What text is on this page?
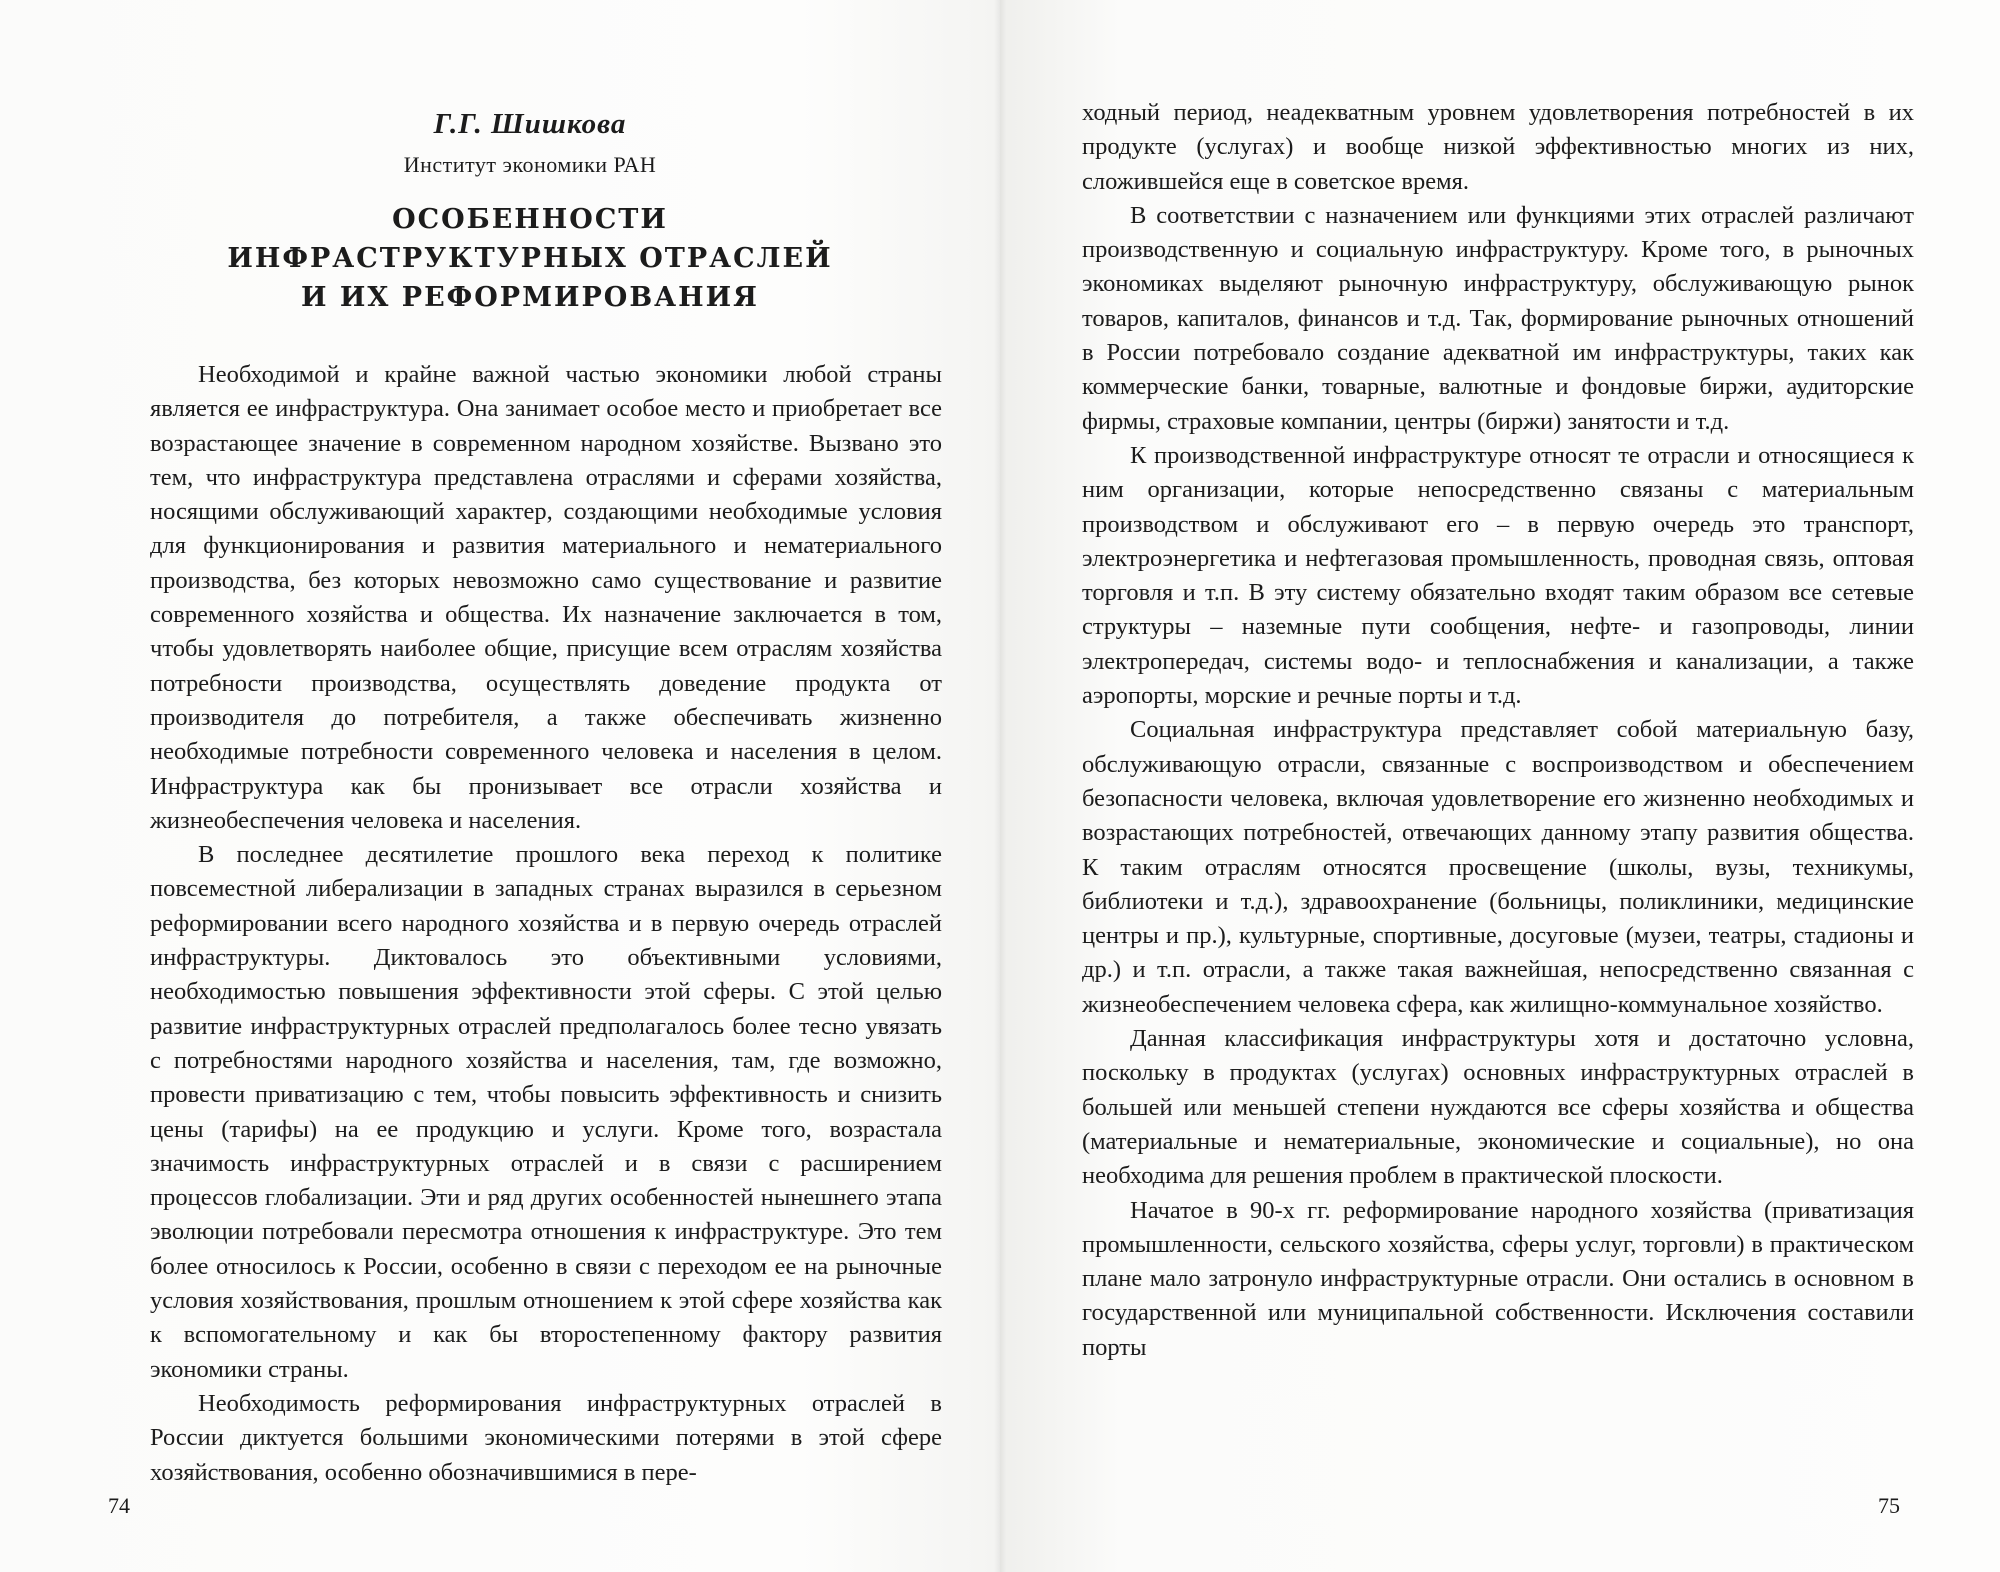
Г.Г. Шишкова
Институт экономики РАН
ОСОБЕННОСТИ
ИНФРАСТРУКТУРНЫХ ОТРАСЛЕЙ
И ИХ РЕФОРМИРОВАНИЯ

Необходимой и крайне важной частью экономики любой страны является ее инфраструктура. Она занимает особое место и приобретает все возрастающее значение в современном народном хозяйстве. Вызвано это тем, что инфраструктура представлена отраслями и сферами хозяйства, носящими обслуживающий характер, создающими необходимые условия для функционирования и развития материального и нематериального производства, без которых невозможно само существование и развитие современного хозяйства и общества. Их назначение заключается в том, чтобы удовлетворять наиболее общие, присущие всем отраслям хозяйства потребности производства, осуществлять доведение продукта от производителя до потребителя, а также обеспечивать жизненно необходимые потребности современного человека и населения в целом. Инфраструктура как бы пронизывает все отрасли хозяйства и жизнеобеспечения человека и населения.

В последнее десятилетие прошлого века переход к политике повсеместной либерализации в западных странах выразился в серьезном реформировании всего народного хозяйства и в первую очередь отраслей инфраструктуры. Диктовалось это объективными условиями, необходимостью повышения эффективности этой сферы. С этой целью развитие инфраструктурных отраслей предполагалось более тесно увязать с потребностями народного хозяйства и населения, там, где возможно, провести приватизацию с тем, чтобы повысить эффективность и снизить цены (тарифы) на ее продукцию и услуги. Кроме того, возрастала значимость инфраструктурных отраслей и в связи с расширением процессов глобализации. Эти и ряд других особенностей нынешнего этапа эволюции потребовали пересмотра отношения к инфраструктуре. Это тем более относилось к России, особенно в связи с переходом ее на рыночные условия хозяйствования, прошлым отношением к этой сфере хозяйства как к вспомогательному и как бы второстепенному фактору развития экономики страны.

Необходимость реформирования инфраструктурных отраслей в России диктуется большими экономическими потерями в этой сфере хозяйствования, особенно обозначившимися в пере-

74

ходный период, неадекватным уровнем удовлетворения потребностей в их продукте (услугах) и вообще низкой эффективностью многих из них, сложившейся еще в советское время.

В соответствии с назначением или функциями этих отраслей различают производственную и социальную инфраструктуру. Кроме того, в рыночных экономиках выделяют рыночную инфраструктуру, обслуживающую рынок товаров, капиталов, финансов и т.д. Так, формирование рыночных отношений в России потребовало создание адекватной им инфраструктуры, таких как коммерческие банки, товарные, валютные и фондовые биржи, аудиторские фирмы, страховые компании, центры (биржи) занятости и т.д.

К производственной инфраструктуре относят те отрасли и относящиеся к ним организации, которые непосредственно связаны с материальным производством и обслуживают его – в первую очередь это транспорт, электроэнергетика и нефтегазовая промышленность, проводная связь, оптовая торговля и т.п. В эту систему обязательно входят таким образом все сетевые структуры – наземные пути сообщения, нефте- и газопроводы, линии электропередач, системы водо- и теплоснабжения и канализации, а также аэропорты, морские и речные порты и т.д.

Социальная инфраструктура представляет собой материальную базу, обслуживающую отрасли, связанные с воспроизводством и обеспечением безопасности человека, включая удовлетворение его жизненно необходимых и возрастающих потребностей, отвечающих данному этапу развития общества. К таким отраслям относятся просвещение (школы, вузы, техникумы, библиотеки и т.д.), здравоохранение (больницы, поликлиники, медицинские центры и пр.), культурные, спортивные, досуговые (музеи, театры, стадионы и др.) и т.п. отрасли, а также такая важнейшая, непосредственно связанная с жизнеобеспечением человека сфера, как жилищно-коммунальное хозяйство.

Данная классификация инфраструктуры хотя и достаточно условна, поскольку в продуктах (услугах) основных инфраструктурных отраслей в большей или меньшей степени нуждаются все сферы хозяйства и общества (материальные и нематериальные, экономические и социальные), но она необходима для решения проблем в практической плоскости.

Начатое в 90-х гг. реформирование народного хозяйства (приватизация промышленности, сельского хозяйства, сферы услуг, торговли) в практическом плане мало затронуло инфраструктурные отрасли. Они остались в основном в государственной или муниципальной собственности. Исключения составили порты

75
